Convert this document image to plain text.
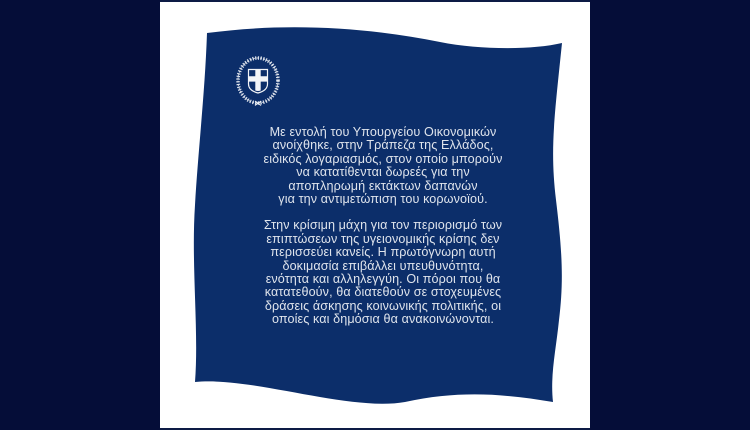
Με εντολή του Υπουργείου Οικονομικών
ανοίχθηκε, στην Τράπεζα της Ελλάδος,
ειδικός λογαριασμός, στον οποίο μπορούν
να κατατίθενται δωρεές για την
αποπληρωμή εκτάκτων δαπανών
για την αντιμετώπιση του κορωνοϊού.
Στην κρίσιμη μάχη για τον περιορισμό των
επιπτώσεων της υγειονομικής κρίσης δεν
περισσεύει κανείς. Η πρωτόγνωρη αυτή
δοκιμασία επιβάλλει υπευθυνότητα,
ενότητα και αλληλεγγύη. Οι πόροι που θα
κατατεθούν, θα διατεθούν σε στοχευμένες
δράσεις άσκησης κοινωνικής πολιτικής, οι
οποίες και δημόσια θα ανακοινώνονται.
